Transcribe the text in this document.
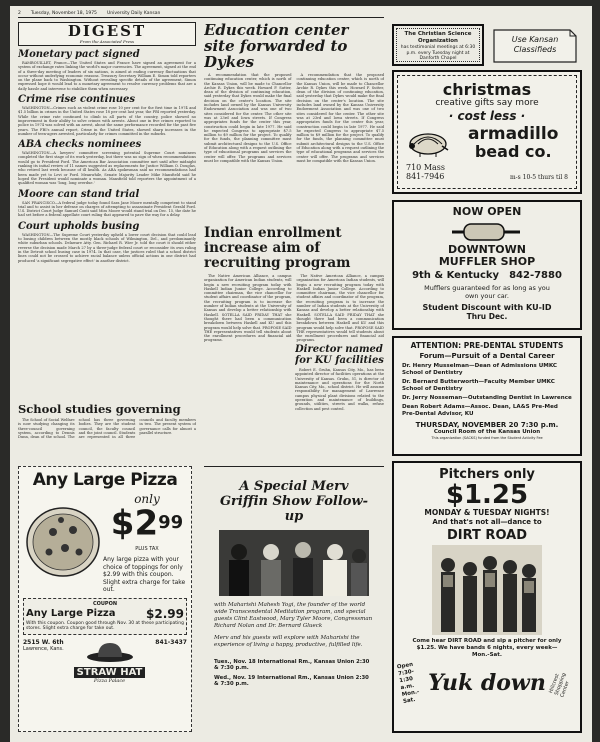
2 Tuesday, November 18, 1975 University Daily Kansan
DIGEST
From the Associated Press
Monetary pact signed

RAMBOUILLET, France—The United States and France have signed an agreement for a system of exchange rates linking the world's major currencies. The agreement, signed at the end of a three-day meeting of leaders of six nations, is aimed at ending currency fluctuations that occur without underlying economic reasons. Treasury Secretary William E. Simon told reporters on the plane back to Washington. Without revealing specific details of the agreement, Simon expressed hope it would lead to a monetary agreement to resolve currency problems that are a daily hassle and intervene to stabilize them when necessary.

Crime rise continues

WASHINGTON—Crimes such as violent crime rose 10 per cent for the first time in 1974 and $1.5 billion in crimes in the United States rose 18 per cent last year, the FBI reported yesterday. While the crime rate continued to climb in all parts of the country, police showed no improvement in their ability to solve crimes with arrests. About one in five crimes reported to police in 1974 was solved with an arrest, about the same performance recorded for the past five years. The FBI's annual report, Crime in the United States, showed sharp increases in the number of teen-agers arrested, particularly for crimes committed in the suburbs.

ABA checks nominees

WASHINGTON—A lawyers' committee screening potential Supreme Court nominees completed the first stage of its work yesterday, but there was no sign of when recommendations would go to President Ford. The American Bar Association committee met until after midnight ranking its initial review of 11 names suggested as replacements for Justice William O. Douglas, who retired last week because of ill health. As ABA spokesman said no recommendations had been made yet to Levi or Ford. Meanwhile, Senate Majority Leader Mike Mansfield said he hoped the President would nominate a woman. Mansfield told reporters the appointment of a qualified woman was 'long, long overdue.'

Moore can stand trial

SAN FRANCISCO—A federal judge today found Sara Jane Moore mentally competent to stand trial and to assist in her defense on charges of attempting to assassinate President Gerald Ford. U.S. District Court Judge Samuel Conti said Miss Moore would stand trial on Dec. 15, the date he had set before a federal appellate court ruling that appeared to pave the way for a delay.

Court upholds busing

WASHINGTON—The Supreme Court yesterday upheld a lower court decision that could lead to busing children between the mostly black schools of Wilmington, Del., and predominantly white suburban schools. Delaware Atty. Gen. Richard R. Wier Jr. told the court it should either reverse the decision made March 27 by a three-judge federal court or reconsider its own ruling in the Detroit school busing case in 1974. In that case, the justices ruled that a school district lines could not be crossed to achieve racial balance unless official actions in one district had produced 'a significant segregative effect' in another district.

School studies governing

The School of Social Welfare is now studying changing its three-council governing system, according to Dennis Dunn, dean of the school. The school has three governing bodies. They are the student council, the faculty council and the joint council. Students are represented in all three councils and faculty members in two. The present system of governance calls for almost a parallel structure.

Any Large Pizza
only
$\$2^{99}$
PLUS TAX
Any large pizza with your choice of toppings for only $2.99 with this coupon. Slight extra charge for take out.
COUPON
Any Large Pizza	$2.99
With this coupon. Coupon good through Nov. 30 at these participating stores. Slight extra charge for take out.
2515 W. 6th
Lawrence, Kans.
STRAW HAT
Pizza Palace
841-3437
Education center site forwarded to Dykes

A recommendation that the proposed continuing education center, which is north of the Kansas Union, will be made to Chancellor Archie R. Dykes this week. Howard F. Sutter, dean of the division of continuing education, said yesterday that Dykes would make the final decision on the center's location. The site includes land owned by the Kansas University Endowment Association and was one of two sites considered for the center. The other site was at 23rd and Iowa streets. If Congress appropriates funds for the center this year, construction could begin in late 1977. He said he expected Congress to appropriate $7.5 million to $9 million for the project. To qualify for the funds, the planning committee must submit architectural designs to the U.S. Office of Education along with a request outlining the type of educational programs and services the center will offer. The programs and services must be compatible with the Kansas Union.

A recommendation that the proposed continuing education center, which is north of the Kansas Union, will be made to Chancellor Archie R. Dykes this week. Howard F. Sutter, dean of the division of continuing education, said yesterday that Dykes would make the final decision on the center's location. The site includes land owned by the Kansas University Endowment Association and was one of two sites considered for the center. The other site was at 23rd and Iowa streets. If Congress appropriates funds for the center this year, construction could begin in late 1977. He said he expected Congress to appropriate $7.5 million to $9 million for the project. To qualify for the funds, the planning committee must submit architectural designs to the U.S. Office of Education along with a request outlining the type of educational programs and services the center will offer. The programs and services must be compatible with the Kansas Union.

Indian enrollment increase aim of recruiting program

The Native American Alliance, a campus organization for American Indian students, will begin a new recruiting program today with Haskell Indian Junior College. According to committee chairman, the vice chancellor for student affairs and coordinator of the program, the recruiting program is to increase the number of Indian students at the University of Kansas and develop a better relationship with Haskell. SOTELLA SAID FRIDAY THAT she thought there had been a communication breakdown between Haskell and KU and this program would help solve that. PROPOSE SAID THE representatives would tell students about the enrollment procedures and financial aid programs.

The Native American Alliance, a campus organization for American Indian students, will begin a new recruiting program today with Haskell Indian Junior College. According to committee chairman, the vice chancellor for student affairs and coordinator of the program, the recruiting program is to increase the number of Indian students at the University of Kansas and develop a better relationship with Haskell. SOTELLA SAID FRIDAY THAT she thought there had been a communication breakdown between Haskell and KU and this program would help solve that. PROPOSE SAID THE representatives would tell students about the enrollment procedures and financial aid programs.

Director named for KU facilities

Robert E. Gruhn, Kansas City, Mo., has been appointed director of facilities operations at the University of Kansas. Gruhn, 51, is director of maintenance and operations for the North Kansas City, Mo., school district. He will assume responsibility for management of Lawrence campus physical plant divisions related to the operation and maintenance of buildings, grounds, utilities, streets and walks, refuse collection and pest control.

A Special Merv Griffin Show Follow-up
with Maharishi Mahesh Yogi, the founder of the world wide Transcendental Meditation program, and special guests Clint Eastwood, Mary Tyler Moore, Congressman Richard Nolan and Dr. Bernard Glueck
Merv and his guests will explore with Maharishi the experience of living a happy, productive, fulfilled life.
Tues., Nov. 18 International Rm., Kansas Union 2:30 & 7:30 p.m.
Wed., Nov. 19 International Rm., Kansas Union 2:30 & 7:30 p.m.
The Christian Science Organization
has testimonial meetings at 6:30 p.m. every Tuesday night at Danforth Chapel
Use Kansan Classifieds
christmas
creative gifts say more
· cost less ·
armadillo
bead co.
710 Mass
841-7946	m-s 10-5 thurs til 8
NOW OPEN
DOWNTOWN
MUFFLER SHOP
9th & Kentucky 842-7880
Mufflers guaranteed for as long as you own your car.
Student Discount with KU-ID
Thru Dec.
ATTENTION: PRE-DENTAL STUDENTS
Forum—Pursuit of a Dental Career
Dr. Henry Musselman—Dean of Admissions UMKC School of Dentistry
Dr. Bernard Butterworth—Faculty Member UMKC School of Dentistry
Dr. Jerry Nosseman—Outstanding Dentist in Lawrence
Dean Robert Adams—Assoc. Dean, LA&S Pre-Med Pre-Dental Advisor, KU
THURSDAY, NOVEMBER 20 7:30 p.m.
Council Room of the Kansas Union
This organization (SACKS) funded from the Student Activity Fee
Pitchers only
$1.25
MONDAY & TUESDAY NIGHTS!
And that's not all—dance to
DIRT ROAD
Come hear DIRT ROAD and sip a pitcher for only $1.25. We have bands 6 nights, every week—Mon.-Sat.
Open 7:30-1:30 a.m. Mon.-Sat.
Yuk down Hillcrest Shopping Center
